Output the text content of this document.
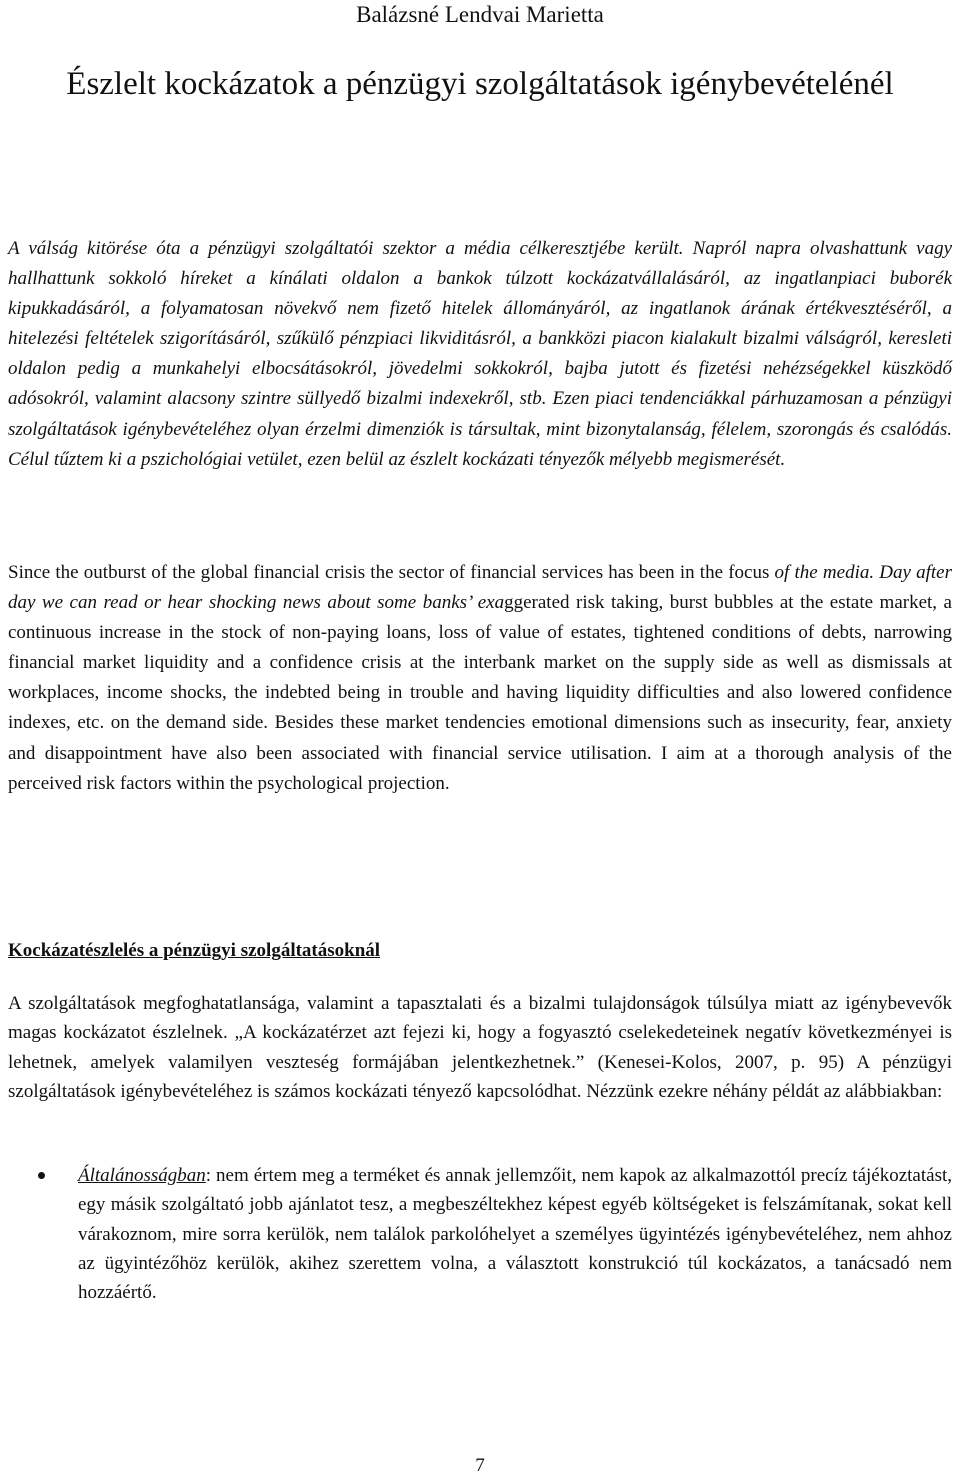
Balázsné Lendvai Marietta
Észlelt kockázatok a pénzügyi szolgáltatások igénybevételénél

A válság kitörése óta a pénzügyi szolgáltatói szektor a média célkeresztjébe került. Napról napra olvashattunk vagy hallhattunk sokkoló híreket a kínálati oldalon a bankok túlzott kockázatvállalásáról, az ingatlanpiaci buborék kipukkadásáról, a folyamatosan növekvő nem fizető hitelek állományáról, az ingatlanok árának értékvesztéséről, a hitelezési feltételek szigorításáról, szűkülő pénzpiaci likviditásról, a bankközi piacon kialakult bizalmi válságról, keresleti oldalon pedig a munkahelyi elbocsátásokról, jövedelmi sokkokról, bajba jutott és fizetési nehézségekkel küszködő adósokról, valamint alacsony szintre süllyedő bizalmi indexekről, stb. Ezen piaci tendenciákkal párhuzamosan a pénzügyi szolgáltatások igénybevételéhez olyan érzelmi dimenziók is társultak, mint bizonytalanság, félelem, szorongás és csalódás. Célul tűztem ki a pszichológiai vetület, ezen belül az észlelt kockázati tényezők mélyebb megismerését.

Since the outburst of the global financial crisis the sector of financial services has been in the focus of the media. Day after day we can read or hear shocking news about some banks’ exaggerated risk taking, burst bubbles at the estate market, a continuous increase in the stock of non-paying loans, loss of value of estates, tightened conditions of debts, narrowing financial market liquidity and a confidence crisis at the interbank market on the supply side as well as dismissals at workplaces, income shocks, the indebted being in trouble and having liquidity difficulties and also lowered confidence indexes, etc. on the demand side. Besides these market tendencies emotional dimensions such as insecurity, fear, anxiety and disappointment have also been associated with financial service utilisation. I aim at a thorough analysis of the perceived risk factors within the psychological projection.

Kockázatészlelés a pénzügyi szolgáltatásoknál

A szolgáltatások megfoghatatlansága, valamint a tapasztalati és a bizalmi tulajdonságok túlsúlya miatt az igénybevevők magas kockázatot észlelnek. „A kockázatérzet azt fejezi ki, hogy a fogyasztó cselekedeteinek negatív következményei is lehetnek, amelyek valamilyen veszteség formájában jelentkezhetnek.” (Kenesei-Kolos, 2007, p. 95) A pénzügyi szolgáltatások igénybevételéhez is számos kockázati tényező kapcsolódhat. Nézzünk ezekre néhány példát az alábbiakban:

Általánosságban: nem értem meg a terméket és annak jellemzőit, nem kapok az alkalmazottól precíz tájékoztatást, egy másik szolgáltató jobb ajánlatot tesz, a megbeszéltekhez képest egyéb költségeket is felszámítanak, sokat kell várakoznom, mire sorra kerülök, nem találok parkolóhelyet a személyes ügyintézés igénybevételéhez, nem ahhoz az ügyintézőhöz kerülök, akihez szerettem volna, a választott konstrukció túl kockázatos, a tanácsadó nem hozzáértő.
7
